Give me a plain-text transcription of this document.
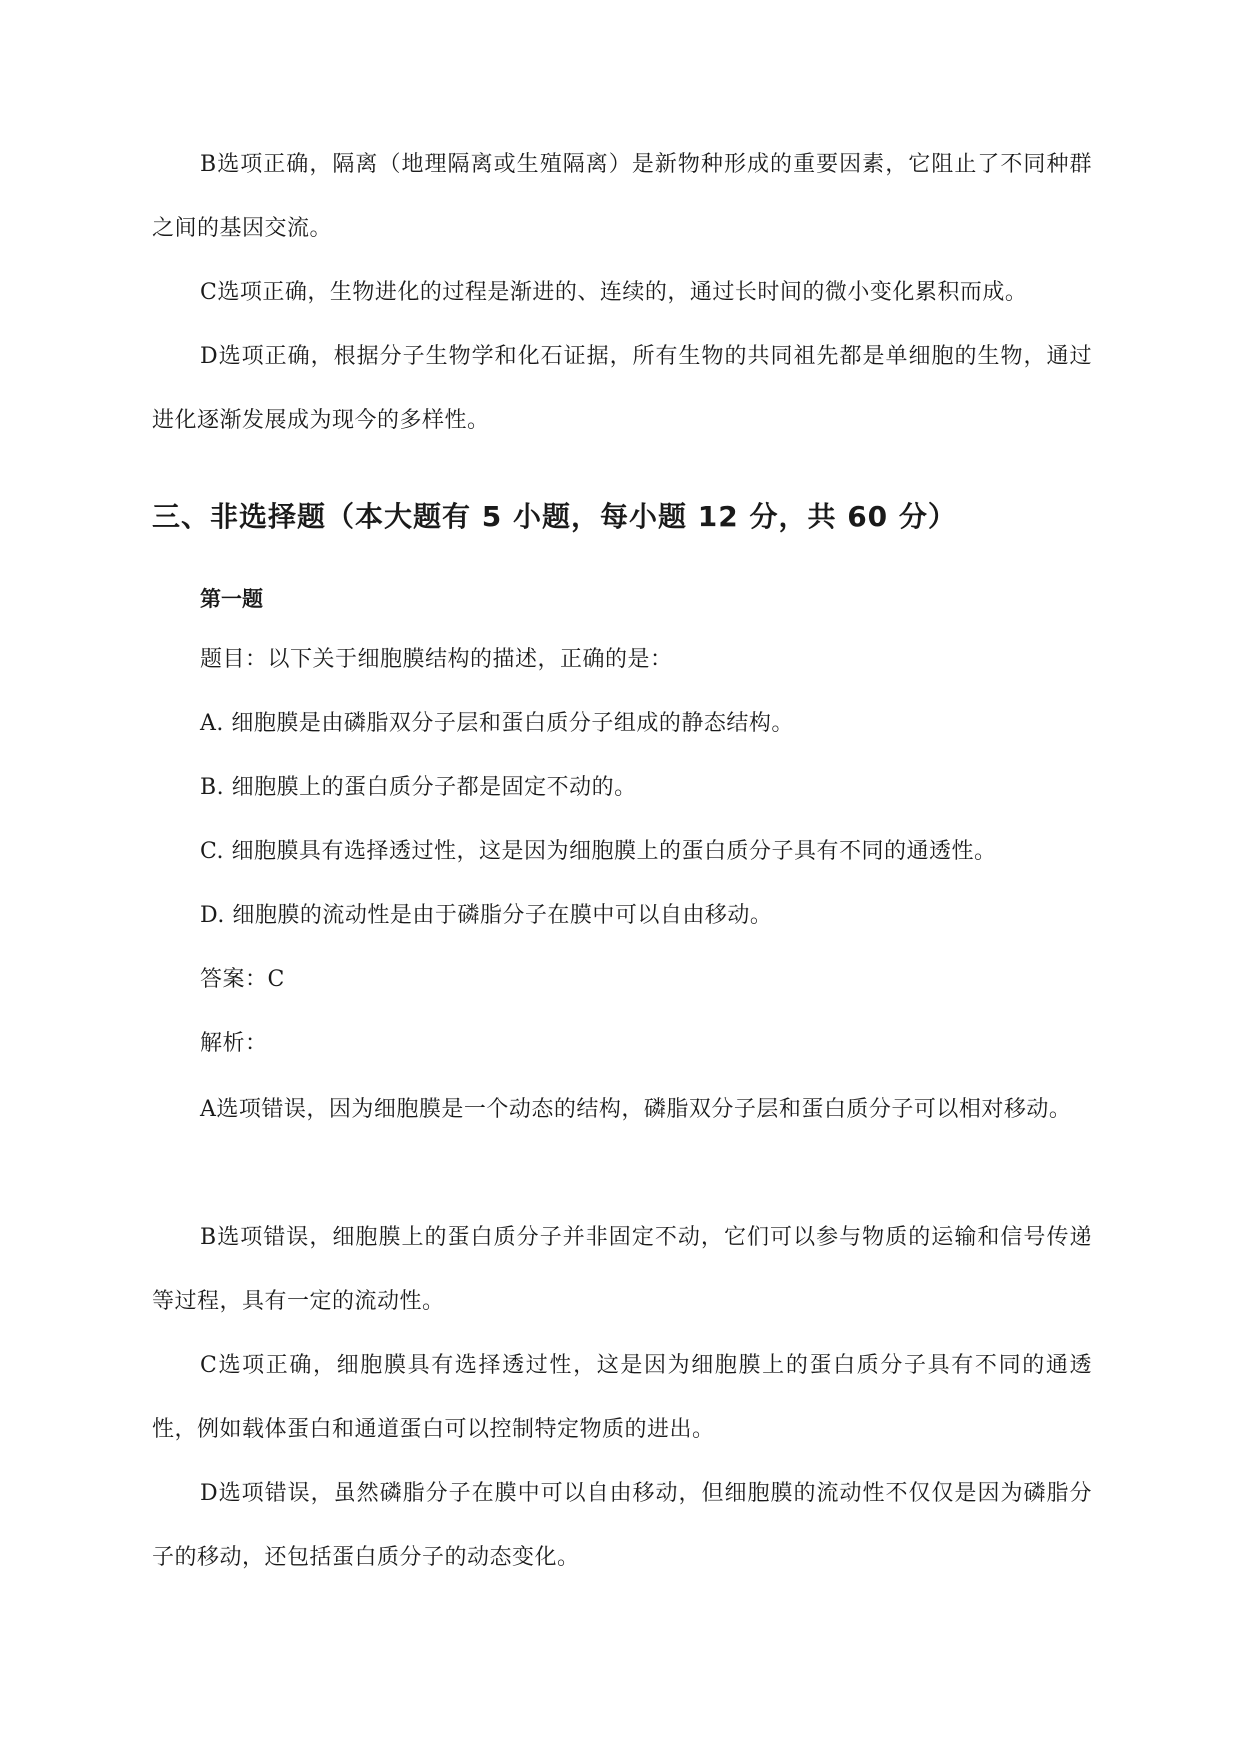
B选项正确，隔离（地理隔离或生殖隔离）是新物种形成的重要因素，它阻止了不同种群之间的基因交流。

C选项正确，生物进化的过程是渐进的、连续的，通过长时间的微小变化累积而成。

D选项正确，根据分子生物学和化石证据，所有生物的共同祖先都是单细胞的生物，通过进化逐渐发展成为现今的多样性。

三、非选择题（本大题有 5 小题，每小题 12 分，共 60 分）
第一题

题目：以下关于细胞膜结构的描述，正确的是：

A. 细胞膜是由磷脂双分子层和蛋白质分子组成的静态结构。

B. 细胞膜上的蛋白质分子都是固定不动的。

C. 细胞膜具有选择透过性，这是因为细胞膜上的蛋白质分子具有不同的通透性。

D. 细胞膜的流动性是由于磷脂分子在膜中可以自由移动。

答案：C

解析：

A选项错误，因为细胞膜是一个动态的结构，磷脂双分子层和蛋白质分子可以相对移动。

B选项错误，细胞膜上的蛋白质分子并非固定不动，它们可以参与物质的运输和信号传递等过程，具有一定的流动性。

C选项正确，细胞膜具有选择透过性，这是因为细胞膜上的蛋白质分子具有不同的通透性，例如载体蛋白和通道蛋白可以控制特定物质的进出。

D选项错误，虽然磷脂分子在膜中可以自由移动，但细胞膜的流动性不仅仅是因为磷脂分子的移动，还包括蛋白质分子的动态变化。
